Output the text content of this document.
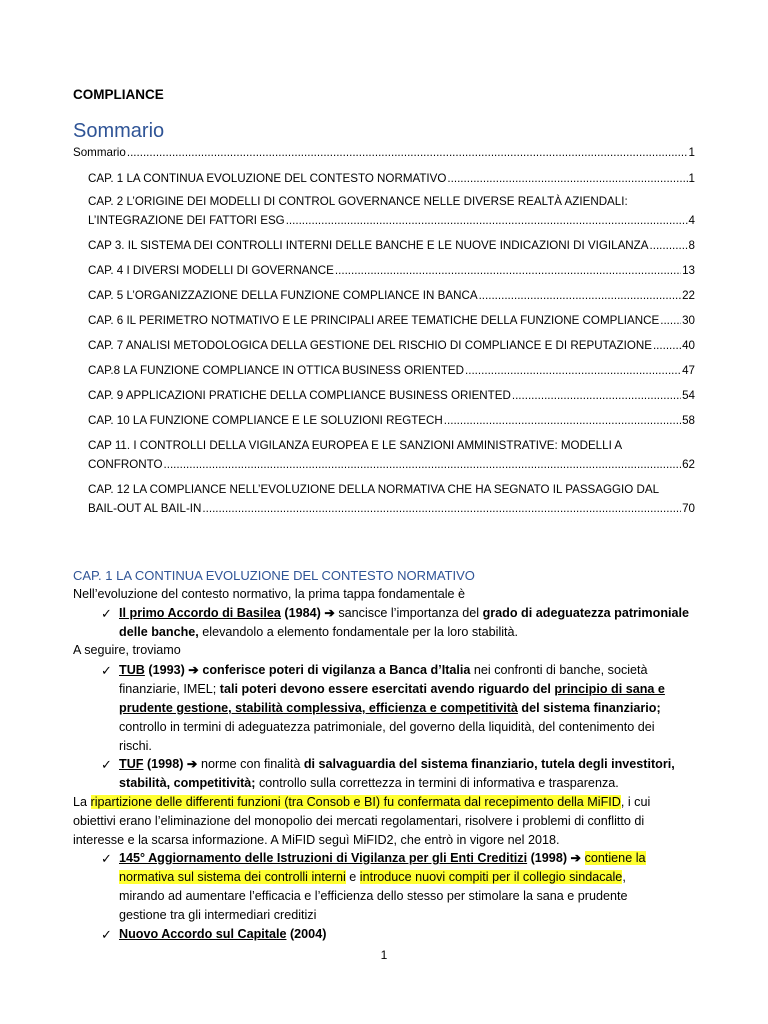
COMPLIANCE
Sommario
Sommario .....	1
CAP. 1 LA CONTINUA EVOLUZIONE DEL CONTESTO NORMATIVO .....	1
CAP. 2 L’ORIGINE DEI MODELLI DI CONTROL GOVERNANCE NELLE DIVERSE REALTÀ AZIENDALI:
L’INTEGRAZIONE DEI FATTORI ESG .....	4
CAP 3. IL SISTEMA DEI CONTROLLI INTERNI DELLE BANCHE E LE NUOVE INDICAZIONI DI VIGILANZA .....	8
CAP. 4 I DIVERSI MODELLI DI GOVERNANCE .....	13
CAP. 5 L’ORGANIZZAZIONE DELLA FUNZIONE COMPLIANCE IN BANCA .....	22
CAP. 6 IL PERIMETRO NOTMATIVO E LE PRINCIPALI AREE TEMATICHE DELLA FUNZIONE COMPLIANCE ..... 30
CAP. 7 ANALISI METODOLOGICA DELLA GESTIONE DEL RISCHIO DI COMPLIANCE E DI REPUTAZIONE .....	40
CAP.8 LA FUNZIONE COMPLIANCE IN OTTICA BUSINESS ORIENTED .....	47
CAP. 9 APPLICAZIONI PRATICHE DELLA COMPLIANCE BUSINESS ORIENTED .....	54
CAP. 10 LA FUNZIONE COMPLIANCE E LE SOLUZIONI REGTECH .....	58
CAP 11. I CONTROLLI DELLA VIGILANZA EUROPEA E LE SANZIONI AMMINISTRATIVE: MODELLI A
CONFRONTO .....	62
CAP. 12 LA COMPLIANCE NELL’EVOLUZIONE DELLA NORMATIVA CHE HA SEGNATO IL PASSAGGIO DAL
BAIL-OUT AL BAIL-IN .....	70
CAP. 1 LA CONTINUA EVOLUZIONE DEL CONTESTO NORMATIVO
Nell’evoluzione del contesto normativo, la prima tappa fondamentale è
✓ Il primo Accordo di Basilea (1984) ➔ sancisce l’importanza del grado di adeguatezza patrimoniale
delle banche, elevandolo a elemento fondamentale per la loro stabilità.
A seguire, troviamo
✓ TUB (1993) ➔ conferisce poteri di vigilanza a Banca d’Italia nei confronti di banche, società
finanziarie, IMEL; tali poteri devono essere esercitati avendo riguardo del principio di sana e
prudente gestione, stabilità complessiva, efficienza e competitività del sistema finanziario;
controllo in termini di adeguatezza patrimoniale, del governo della liquidità, del contenimento dei
rischi.
✓ TUF (1998) ➔ norme con finalità di salvaguardia del sistema finanziario, tutela degli investitori,
stabilità, competitività; controllo sulla correttezza in termini di informativa e trasparenza.
La ripartizione delle differenti funzioni (tra Consob e BI) fu confermata dal recepimento della MiFID, i cui
obiettivi erano l’eliminazione del monopolio dei mercati regolamentari, risolvere i problemi di conflitto di
interesse e la scarsa informazione. A MiFID seguì MiFID2, che entrò in vigore nel 2018.
✓ 145° Aggiornamento delle Istruzioni di Vigilanza per gli Enti Creditizi (1998) ➔ contiene la
normativa sul sistema dei controlli interni e introduce nuovi compiti per il collegio sindacale,
mirando ad aumentare l’efficacia e l’efficienza dello stesso per stimolare la sana e prudente
gestione tra gli intermediari creditizi
✓ Nuovo Accordo sul Capitale (2004)
1
